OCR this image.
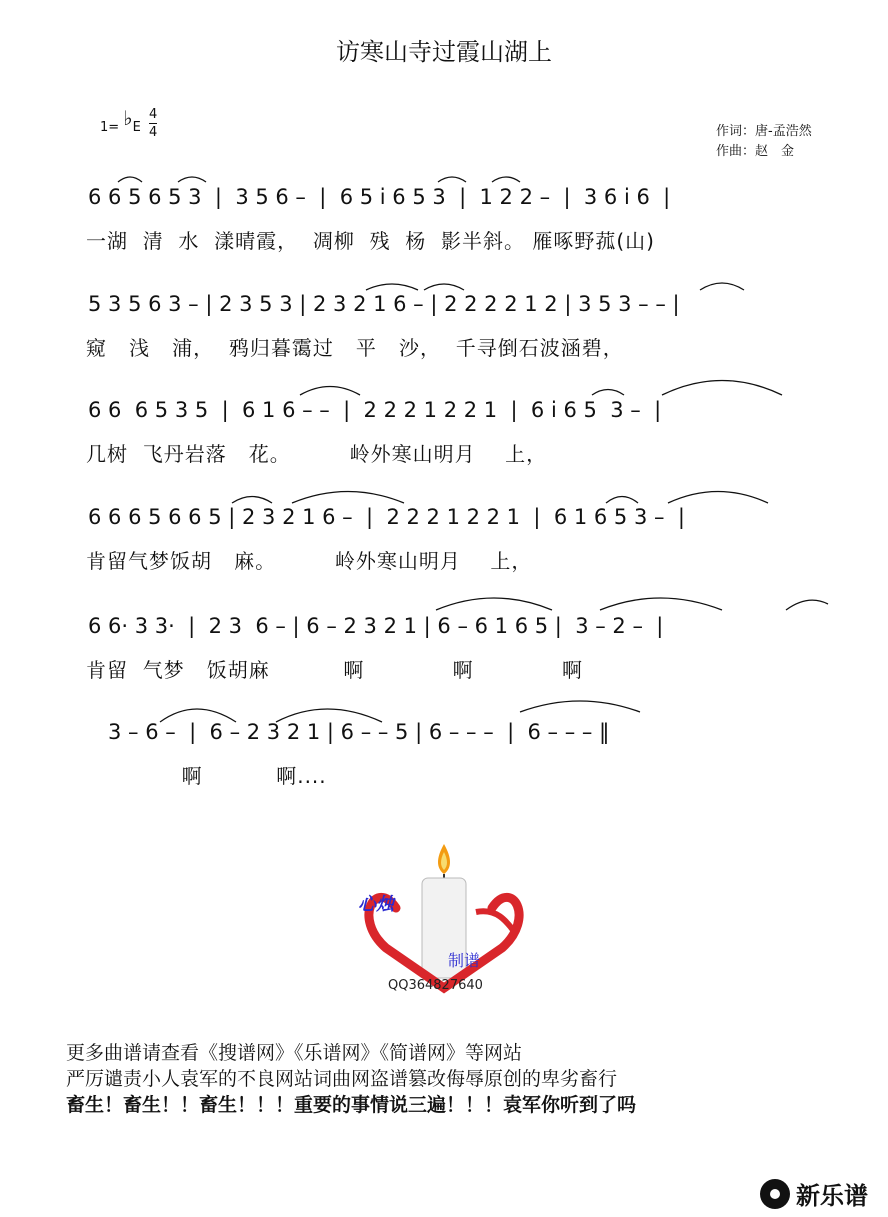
访寒山寺过霞山湖上
1= ♭E $\frac{4}{4}$	作词：唐-孟浩然
作曲：赵　金
6 6 5 6 5 3  |  3 5 6 –  |  6 5 i 6 5 3  |  1 2 2 –  |  3 6 i 6  |
一湖  清  水  漾晴霞，  凋柳  残  杨  影半斜。 雁啄野菰(山)
5 3 5 6 3 – | 2 3 5 3 | 2 3 2 1 6 – | 2 2 2 2 1 2 | 3 5 3 – – |
窥   浅   浦，  鸦归暮霭过   平   沙，  千寻倒石波涵碧，
6 6  6 5 3 5  |  6 1 6 – –  |  2 2 2 1 2 2 1  |  6 i 6 5  3 –  |
几树  飞丹岩落   花。        岭外寒山明月    上，
6 6 6 5 6 6 5 | 2 3 2 1 6 –  |  2 2 2 1 2 2 1  |  6 1 6 5 3 –  |
肯留气梦饭胡   麻。        岭外寒山明月    上，
6 6· 3 3·  |  2 3  6 – | 6 – 2 3 2 1 | 6 – 6 1 6 5 |  3 – 2 –  |
肯留  气梦   饭胡麻          啊            啊            啊
3 – 6 –  |  6 – 2 3 2 1 | 6 – – 5 | 6 – – –  |  6 – – – ‖
啊          啊....
心烛
制谱
QQ364827640
更多曲谱请查看《搜谱网》《乐谱网》《简谱网》等网站
严厉谴责小人袁军的不良网站词曲网盗谱篡改侮辱原创的卑劣畜行
畜生！畜生！！畜生！！！重要的事情说三遍！！！袁军你听到了吗
新乐谱
